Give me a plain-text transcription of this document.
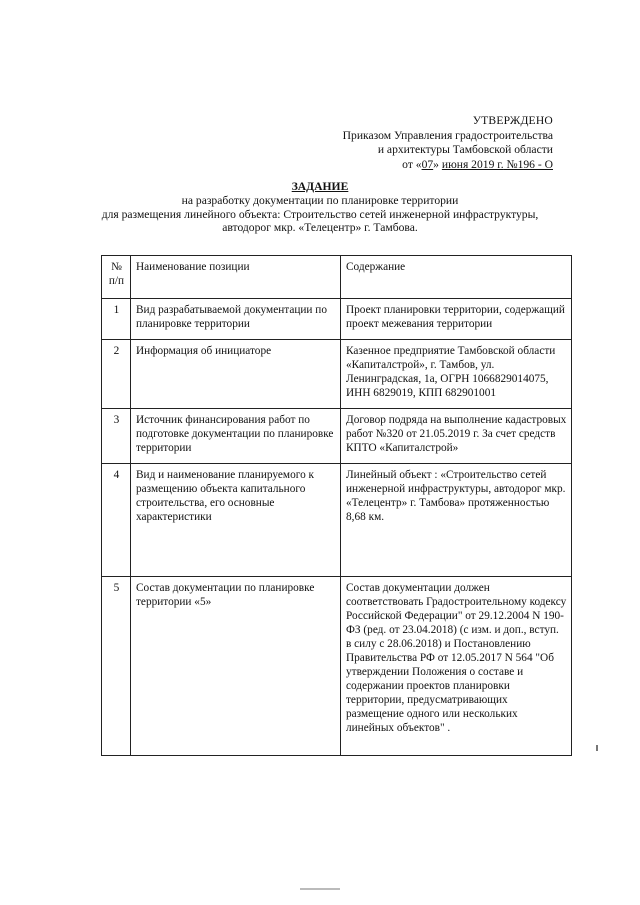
УТВЕРЖДЕНО
Приказом Управления градостроительства
и архитектуры Тамбовской области
от «07» июня 2019 г. №196 - О
ЗАДАНИЕ
на разработку документации по планировке территории
для размещения линейного объекта: Строительство сетей инженерной инфраструктуры,
автодорог мкр. «Телецентр» г. Тамбова.
№ п/п	Наименование позиции	Содержание
1	Вид разрабатываемой документации по планировке территории	Проект планировки территории, содержащий проект межевания территории
2	Информация об инициаторе	Казенное предприятие Тамбовской области «Капиталстрой», г. Тамбов, ул. Ленинградская, 1а, ОГРН 1066829014075, ИНН 6829019, КПП 682901001
3	Источник финансирования работ по подготовке документации по планировке территории	Договор подряда на выполнение кадастровых работ №320 от 21.05.2019 г. За счет средств КПТО «Капиталстрой»
4	Вид и наименование планируемого к размещению объекта капитального строительства, его основные характеристики	Линейный объект : «Строительство сетей инженерной инфраструктуры, автодорог мкр. «Телецентр» г. Тамбова» протяженностью 8,68 км.
5	Состав документации по планировке территории «5»	Состав документации должен соответствовать Градостроительному кодексу Российской Федерации" от 29.12.2004 N 190-ФЗ (ред. от 23.04.2018) (с изм. и доп., вступ. в силу с 28.06.2018) и Постановлению Правительства РФ от 12.05.2017 N 564 "Об утверждении Положения о составе и содержании проектов планировки территории, предусматривающих размещение одного или нескольких линейных объектов" .
